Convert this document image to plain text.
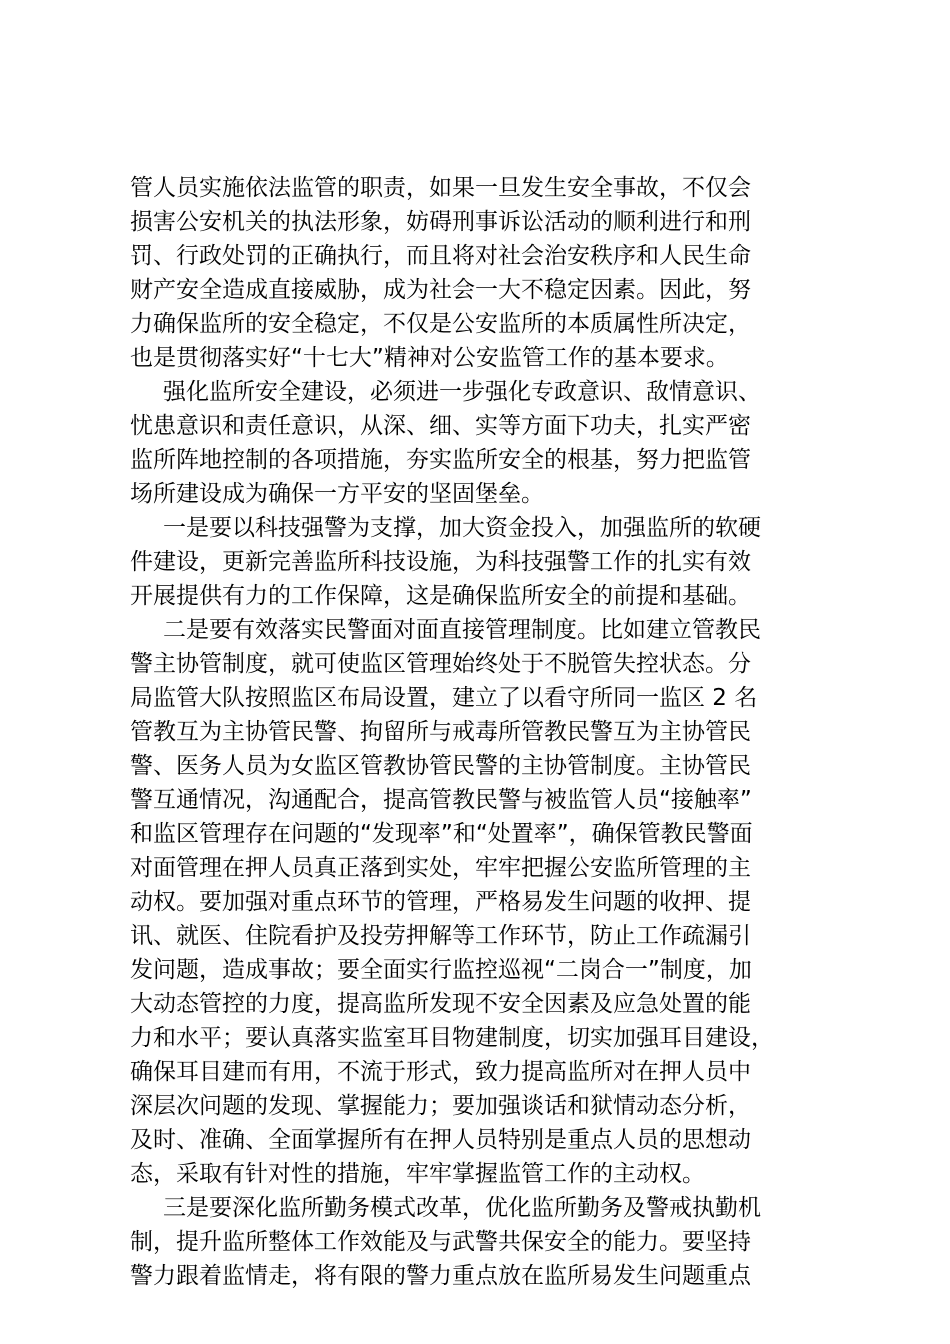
管人员实施依法监管的职责，如果一旦发生安全事故，不仅会
损害公安机关的执法形象，妨碍刑事诉讼活动的顺利进行和刑
罚、行政处罚的正确执行，而且将对社会治安秩序和人民生命
财产安全造成直接威胁，成为社会一大不稳定因素。因此，努
力确保监所的安全稳定，不仅是公安监所的本质属性所决定，
也是贯彻落实好“十七大”精神对公安监管工作的基本要求。
强化监所安全建设，必须进一步强化专政意识、敌情意识、
忧患意识和责任意识，从深、细、实等方面下功夫，扎实严密
监所阵地控制的各项措施，夯实监所安全的根基，努力把监管
场所建设成为确保一方平安的坚固堡垒。
一是要以科技强警为支撑，加大资金投入，加强监所的软硬
件建设，更新完善监所科技设施，为科技强警工作的扎实有效
开展提供有力的工作保障，这是确保监所安全的前提和基础。
二是要有效落实民警面对面直接管理制度。比如建立管教民
警主协管制度，就可使监区管理始终处于不脱管失控状态。分
局监管大队按照监区布局设置，建立了以看守所同一监区 2 名
管教互为主协管民警、拘留所与戒毒所管教民警互为主协管民
警、医务人员为女监区管教协管民警的主协管制度。主协管民
警互通情况，沟通配合，提高管教民警与被监管人员“接触率”
和监区管理存在问题的“发现率”和“处置率”，确保管教民警面
对面管理在押人员真正落到实处，牢牢把握公安监所管理的主
动权。要加强对重点环节的管理，严格易发生问题的收押、提
讯、就医、住院看护及投劳押解等工作环节，防止工作疏漏引
发问题，造成事故；要全面实行监控巡视“二岗合一”制度，加
大动态管控的力度，提高监所发现不安全因素及应急处置的能
力和水平；要认真落实监室耳目物建制度，切实加强耳目建设，
确保耳目建而有用，不流于形式，致力提高监所对在押人员中
深层次问题的发现、掌握能力；要加强谈话和狱情动态分析，
及时、准确、全面掌握所有在押人员特别是重点人员的思想动
态，采取有针对性的措施，牢牢掌握监管工作的主动权。
三是要深化监所勤务模式改革，优化监所勤务及警戒执勤机
制，提升监所整体工作效能及与武警共保安全的能力。要坚持
警力跟着监情走，将有限的警力重点放在监所易发生问题重点
